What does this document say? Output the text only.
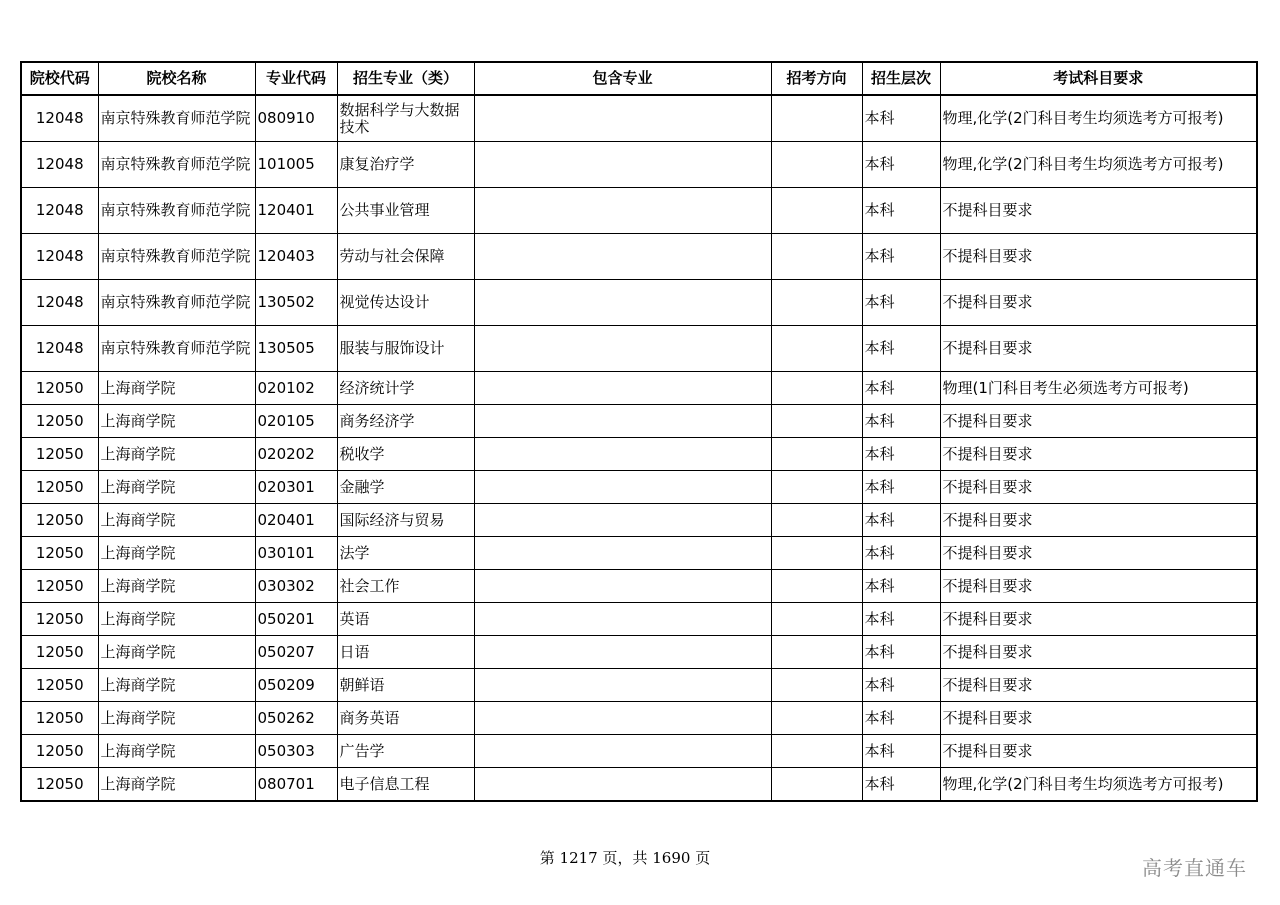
院校代码	院校名称	专业代码	招生专业（类）	包含专业	招考方向	招生层次	考试科目要求
12048	南京特殊教育师范学院	080910	数据科学与大数据技术			本科	物理,化学(2门科目考生均须选考方可报考)
12048	南京特殊教育师范学院	101005	康复治疗学			本科	物理,化学(2门科目考生均须选考方可报考)
12048	南京特殊教育师范学院	120401	公共事业管理			本科	不提科目要求
12048	南京特殊教育师范学院	120403	劳动与社会保障			本科	不提科目要求
12048	南京特殊教育师范学院	130502	视觉传达设计			本科	不提科目要求
12048	南京特殊教育师范学院	130505	服装与服饰设计			本科	不提科目要求
12050	上海商学院	020102	经济统计学			本科	物理(1门科目考生必须选考方可报考)
12050	上海商学院	020105	商务经济学			本科	不提科目要求
12050	上海商学院	020202	税收学			本科	不提科目要求
12050	上海商学院	020301	金融学			本科	不提科目要求
12050	上海商学院	020401	国际经济与贸易			本科	不提科目要求
12050	上海商学院	030101	法学			本科	不提科目要求
12050	上海商学院	030302	社会工作			本科	不提科目要求
12050	上海商学院	050201	英语			本科	不提科目要求
12050	上海商学院	050207	日语			本科	不提科目要求
12050	上海商学院	050209	朝鲜语			本科	不提科目要求
12050	上海商学院	050262	商务英语			本科	不提科目要求
12050	上海商学院	050303	广告学			本科	不提科目要求
12050	上海商学院	080701	电子信息工程			本科	物理,化学(2门科目考生均须选考方可报考)
第 1217 页，共 1690 页	高考直通车
